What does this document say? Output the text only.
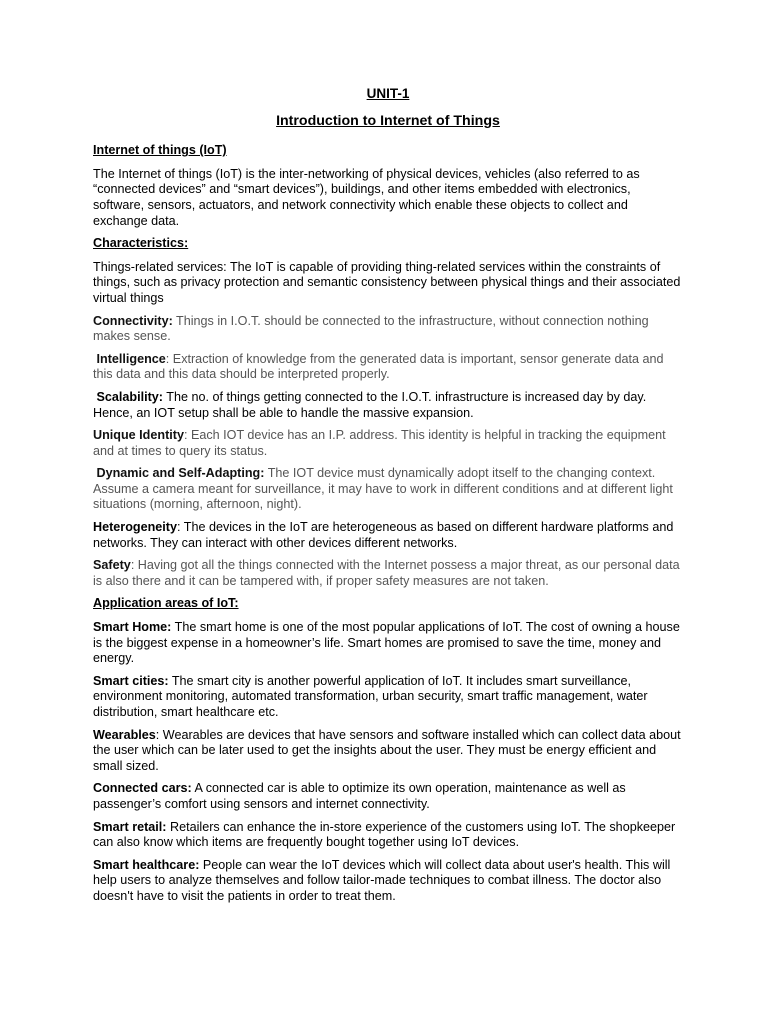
UNIT-1
Introduction to Internet of Things
Internet of things (IoT)

The Internet of things (IoT) is the inter-networking of physical devices, vehicles (also referred to as “connected devices” and “smart devices”), buildings, and other items embedded with electronics, software, sensors, actuators, and network connectivity which enable these objects to collect and exchange data.

Characteristics:

Things-related services: The IoT is capable of providing thing-related services within the constraints of things, such as privacy protection and semantic consistency between physical things and their associated virtual things

Connectivity: Things in I.O.T. should be connected to the infrastructure, without connection nothing makes sense.

Intelligence: Extraction of knowledge from the generated data is important, sensor generate data and this data and this data should be interpreted properly.

Scalability: The no. of things getting connected to the I.O.T. infrastructure is increased day by day. Hence, an IOT setup shall be able to handle the massive expansion.

Unique Identity: Each IOT device has an I.P. address. This identity is helpful in tracking the equipment and at times to query its status.

Dynamic and Self-Adapting: The IOT device must dynamically adopt itself to the changing context. Assume a camera meant for surveillance, it may have to work in different conditions and at different light situations (morning, afternoon, night).

Heterogeneity: The devices in the IoT are heterogeneous as based on different hardware platforms and networks. They can interact with other devices different networks.

Safety: Having got all the things connected with the Internet possess a major threat, as our personal data is also there and it can be tampered with, if proper safety measures are not taken.

Application areas of IoT:

Smart Home: The smart home is one of the most popular applications of IoT. The cost of owning a house is the biggest expense in a homeowner’s life. Smart homes are promised to save the time, money and energy.

Smart cities: The smart city is another powerful application of IoT. It includes smart surveillance, environment monitoring, automated transformation, urban security, smart traffic management, water distribution, smart healthcare etc.

Wearables: Wearables are devices that have sensors and software installed which can collect data about the user which can be later used to get the insights about the user. They must be energy efficient and small sized.

Connected cars: A connected car is able to optimize its own operation, maintenance as well as passenger’s comfort using sensors and internet connectivity.

Smart retail: Retailers can enhance the in-store experience of the customers using IoT. The shopkeeper can also know which items are frequently bought together using IoT devices.

Smart healthcare: People can wear the IoT devices which will collect data about user's health. This will help users to analyze themselves and follow tailor-made techniques to combat illness. The doctor also doesn't have to visit the patients in order to treat them.
